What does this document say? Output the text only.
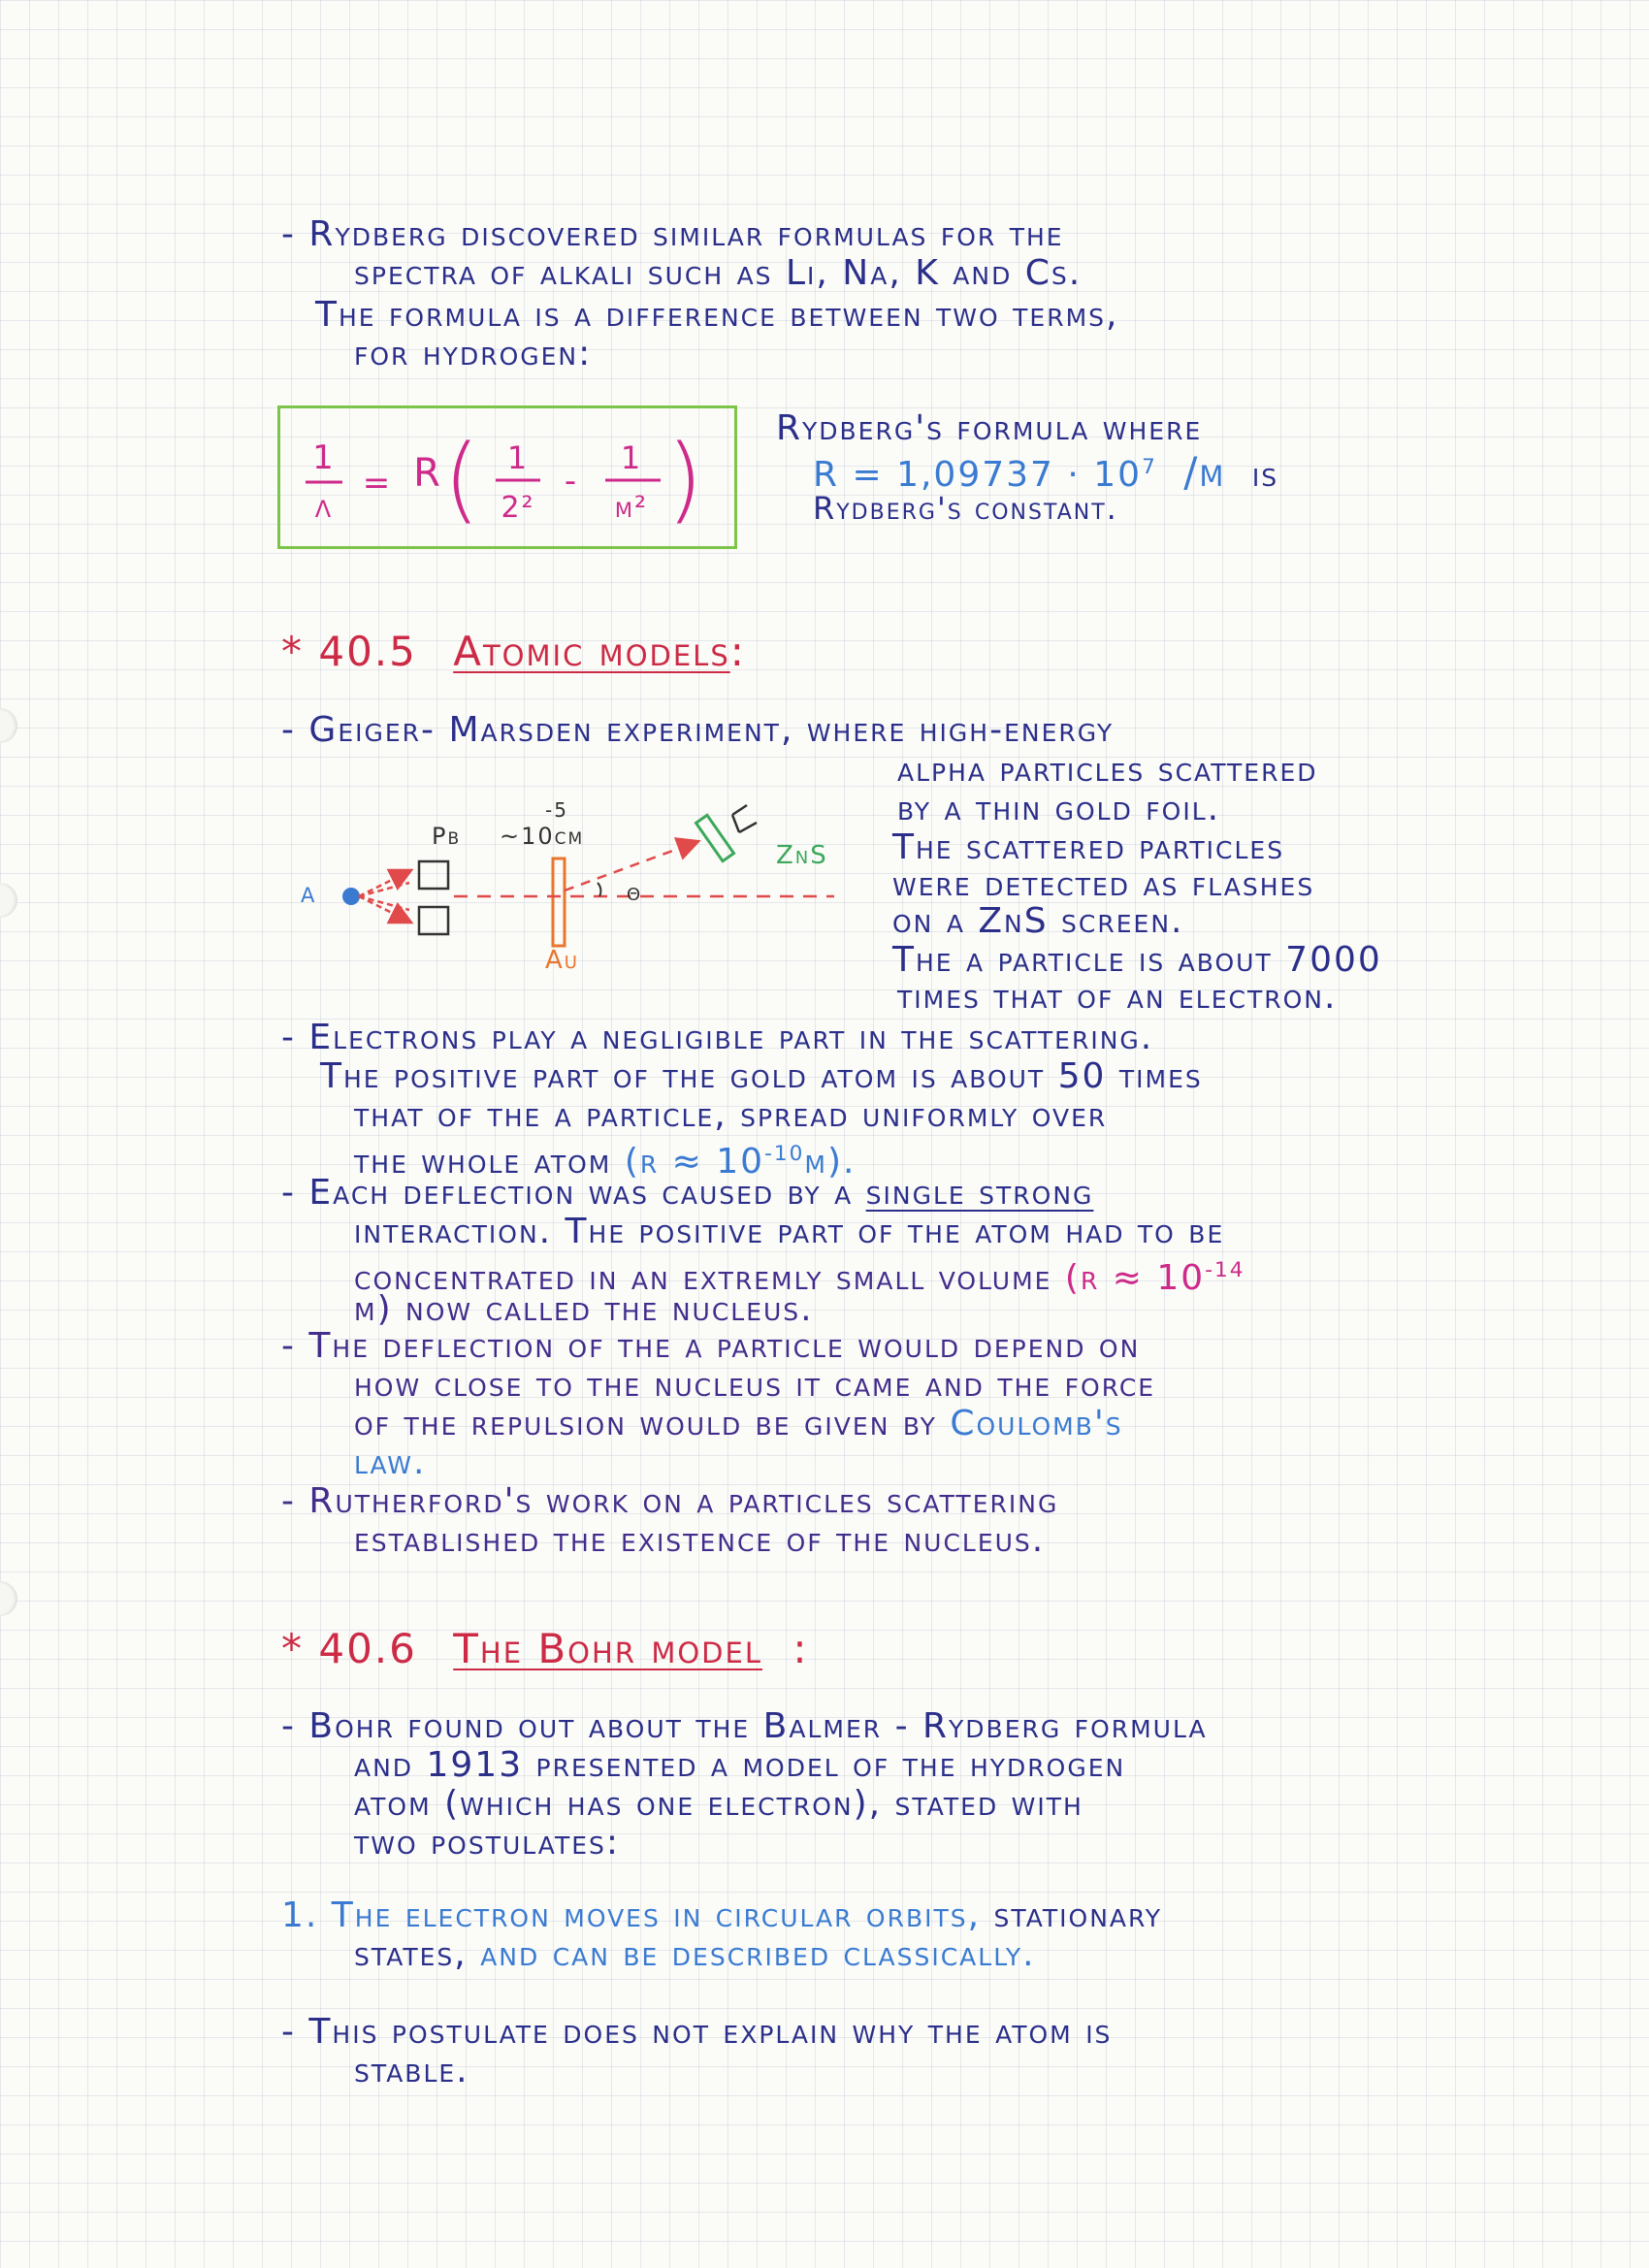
- Rydberg discovered similar formulas for the
spectra of alkali such as Li, Na, K and Cs.
The formula is a difference between two terms,
for hydrogen:
1
λ
= R ( 1
2²
-
1
m² ) Rydberg's formula where
$R = 1,09737 \cdot 10^7$ /m is
Rydberg's constant.
* 40.5 Atomic models:
- Geiger- Marsden experiment, where high-energy
alpha particles scattered
by a thin gold foil.
The scattered particles
were detected as flashes
on a ZnS screen.
The α particle is about 7000
times that of an electron.
α
Pb
-5
~10cm
Au
θ
ZnS
- Electrons play a negligible part in the scattering.
The positive part of the gold atom is about 50 times
that of the α particle, spread uniformly over
the whole atom $(r \approx 10^{-10}m)$.
- Each deflection was caused by a single strong
interaction. The positive part of the atom had to be
concentrated in an extremly small volume ($r \approx 10^{-14}$
m) now called the nucleus.
- The deflection of the α particle would depend on
how close to the nucleus it came and the force
of the repulsion would be given by Coulomb's
law.
- Rutherford's work on α particles scattering
established the existence of the nucleus.
* 40.6 The Bohr model :
- Bohr found out about the Balmer - Rydberg formula
and 1913 presented a model of the hydrogen
atom (which has one electron), stated with
two postulates:
1. The electron moves in circular orbits, stationary
states, and can be described classically.
- This postulate does not explain why the atom is
stable.
